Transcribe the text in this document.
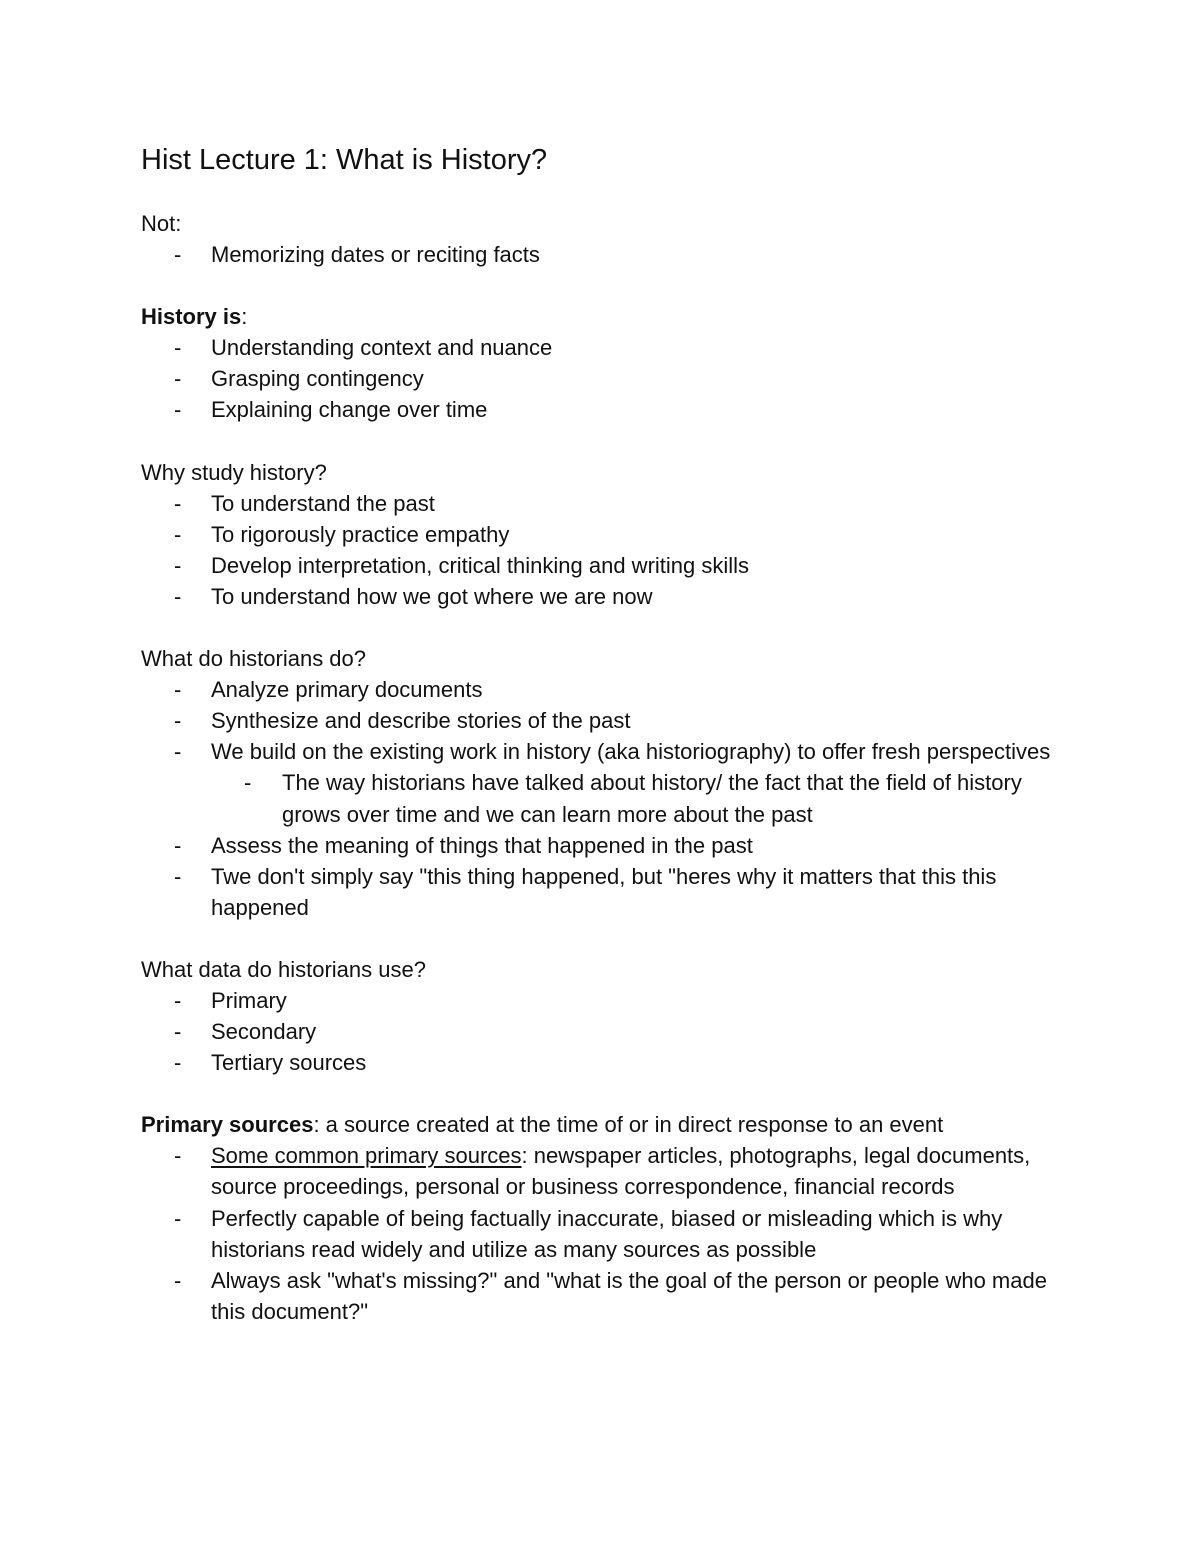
Hist Lecture 1: What is History?

Not:

- Memorizing dates or reciting facts

History is:

- Understanding context and nuance
- Grasping contingency
- Explaining change over time

Why study history?

- To understand the past
- To rigorously practice empathy
- Develop interpretation, critical thinking and writing skills
- To understand how we got where we are now

What do historians do?

- Analyze primary documents
- Synthesize and describe stories of the past
- We build on the existing work in history (aka historiography) to offer fresh perspectives
- The way historians have talked about history/ the fact that the field of history grows over time and we can learn more about the past
- Assess the meaning of things that happened in the past
- Twe don't simply say "this thing happened, but "heres why it matters that this this happened

What data do historians use?

- Primary
- Secondary
- Tertiary sources

Primary sources: a source created at the time of or in direct response to an event

- Some common primary sources: newspaper articles, photographs, legal documents, source proceedings, personal or business correspondence, financial records
- Perfectly capable of being factually inaccurate, biased or misleading which is why historians read widely and utilize as many sources as possible
- Always ask "what's missing?" and "what is the goal of the person or people who made this document?"
